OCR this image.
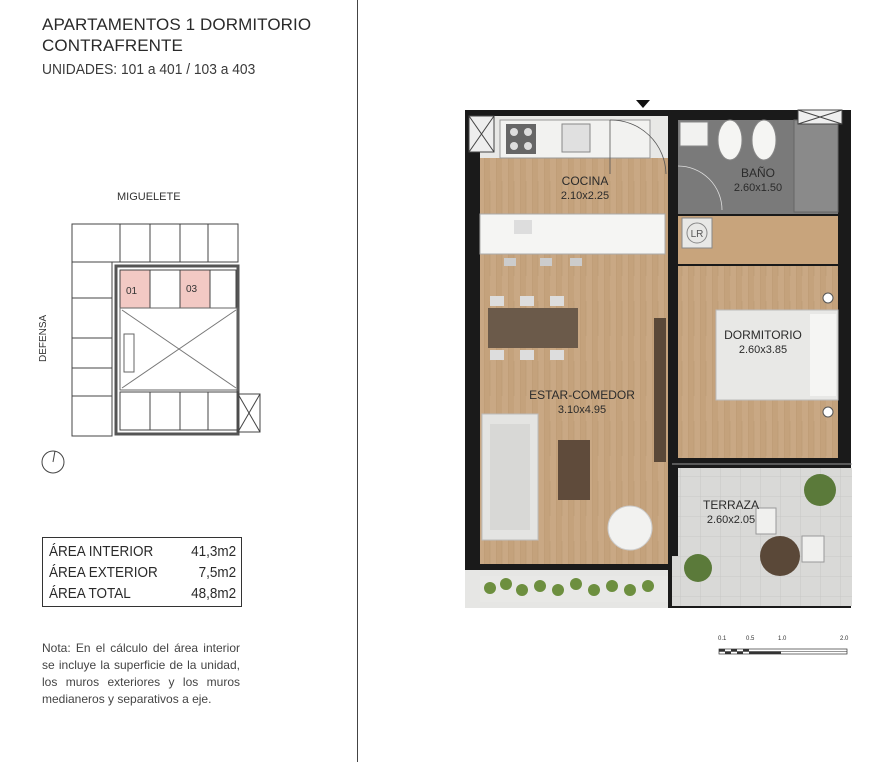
APARTAMENTOS 1 DORMITORIO
CONTRAFRENTE
UNIDADES: 101 a 401 / 103 a 403
MIGUELETE
DEFENSA
01	03
ÁREA INTERIOR	41,3m2
ÁREA EXTERIOR	7,5m2
ÁREA TOTAL	48,8m2
Nota: En el cálculo del área interior se incluye la superficie de la unidad, los muros exteriores y los muros medianeros y separativos a eje.
LR
COCINA
2.10x2.25
BAÑO
2.60x1.50
DORMITORIO
2.60x3.85
ESTAR-COMEDOR
3.10x4.95
TERRAZA
2.60x2.05
0.1	0.5	1.0	2.0
